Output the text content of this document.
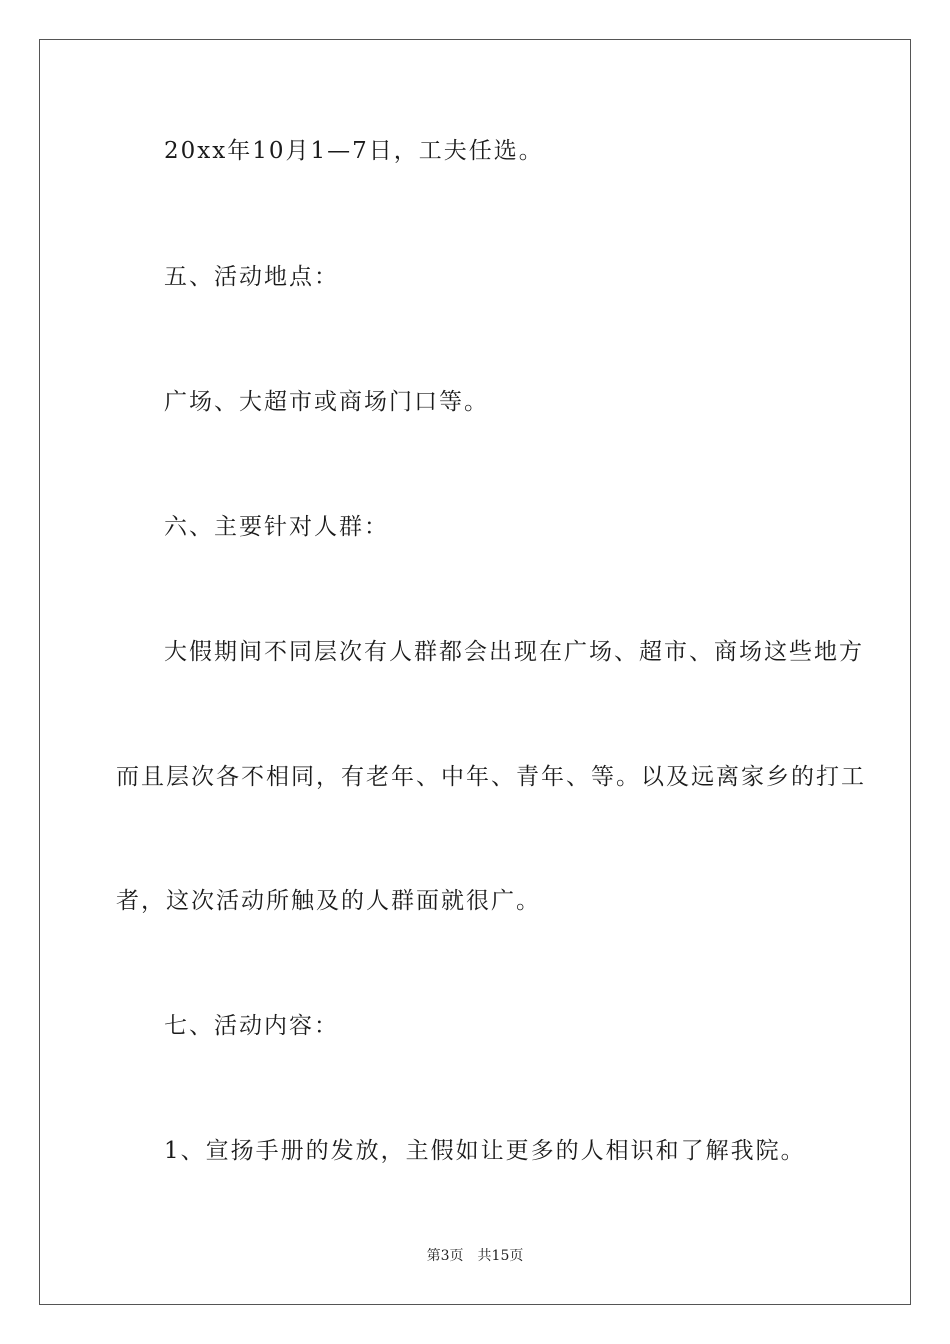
20xx年10月1—7日，工夫任选。
五、活动地点：
广场、大超市或商场门口等。
六、主要针对人群：
大假期间不同层次有人群都会出现在广场、超市、商场这些地方
而且层次各不相同，有老年、中年、青年、等。以及远离家乡的打工
者，这次活动所触及的人群面就很广。
七、活动内容：
1、宣扬手册的发放，主假如让更多的人相识和了解我院。
第3页 共15页
